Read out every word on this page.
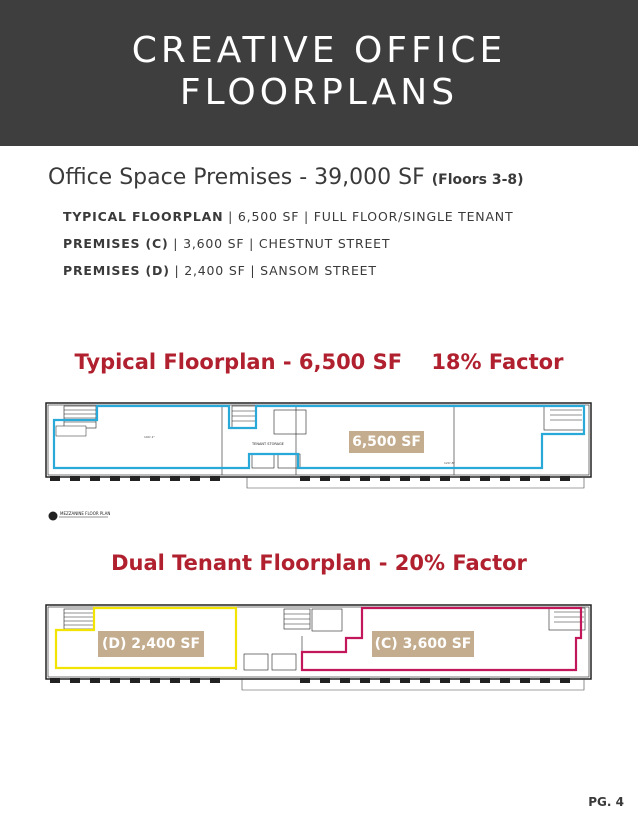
CREATIVE OFFICE
FLOORPLANS
Office Space Premises - 39,000 SF (Floors 3-8)
TYPICAL FLOORPLAN | 6,500 SF | FULL FLOOR/SINGLE TENANT
PREMISES (C) | 3,600 SF | CHESTNUT STREET
PREMISES (D) | 2,400 SF | SANSOM STREET
Typical Floorplan - 6,500 SF    18% Factor
TENANT STORAGE
190'-1"
120'-8"
6,500 SF
MEZZANINE FLOOR PLAN
Dual Tenant Floorplan - 20% Factor
(D) 2,400 SF	(C) 3,600 SF
PG. 4
